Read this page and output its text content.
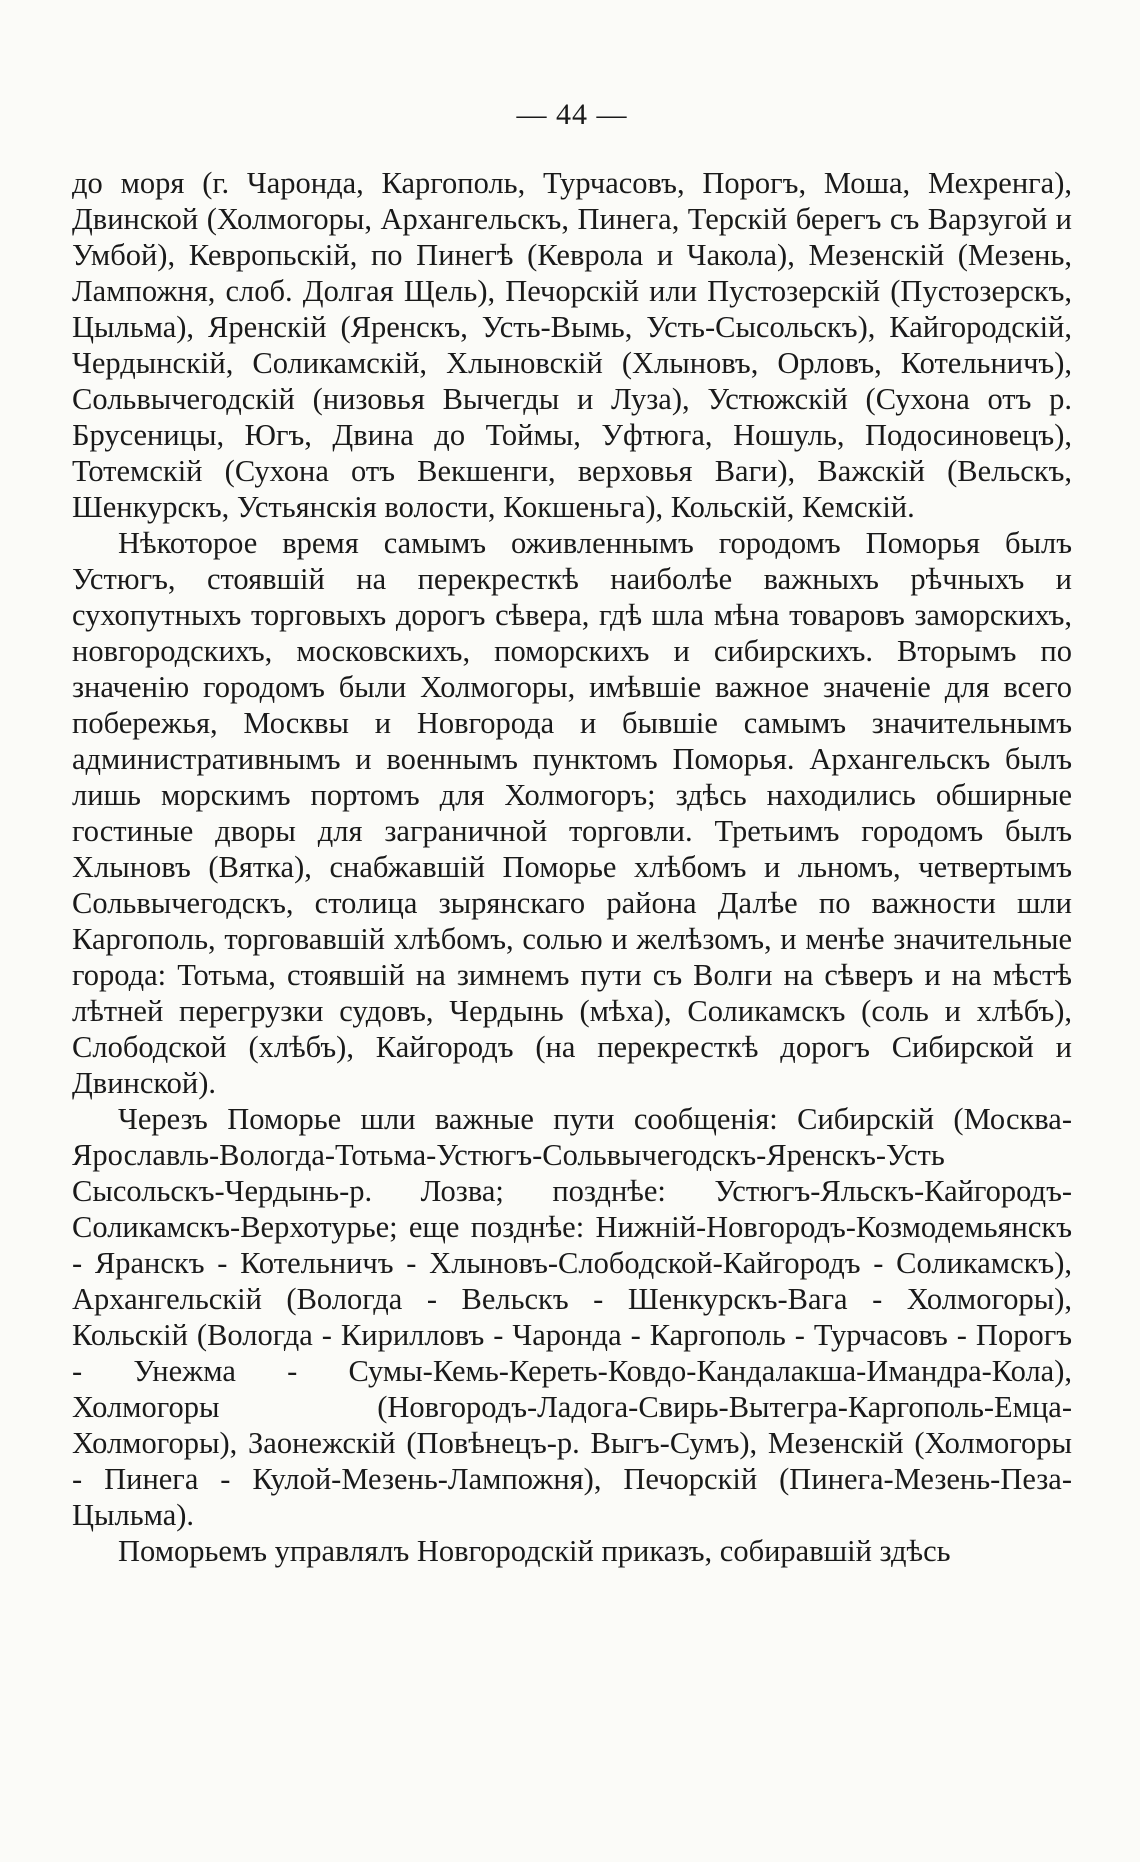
— 44 —

до моря (г. Чаронда, Каргополь, Турчасовъ, Порогъ, Моша, Мехренга), Двинской (Холмогоры, Архангельскъ, Пинега, Терскій берегъ съ Варзугой и Умбой), Кевропьскій, по Пинегѣ (Кеврола и Чакола), Мезенскій (Мезень, Лампожня, слоб. Долгая Щель), Печорскій или Пустозерскій (Пустозерскъ, Цыльма), Яренскій (Яренскъ, Усть-Вымь, Усть-Сысольскъ), Кайгородскій, Чердынскій, Соликамскій, Хлыновскій (Хлыновъ, Орловъ, Котельничъ), Сольвычегодскій (низовья Вычегды и Луза), Устюжскій (Сухона отъ р. Брусеницы, Югъ, Двина до Тоймы, Уфтюга, Ношуль, Подосиновецъ), Тотемскій (Сухона отъ Векшенги, верховья Ваги), Важскій (Вельскъ, Шенкурскъ, Устьянскія волости, Кокшеньга), Кольскій, Кемскій.

Нѣкоторое время самымъ оживленнымъ городомъ Поморья былъ Устюгъ, стоявшій на перекресткѣ наиболѣе важныхъ рѣчныхъ и сухопутныхъ торговыхъ дорогъ сѣвера, гдѣ шла мѣна товаровъ заморскихъ, новгородскихъ, московскихъ, поморскихъ и сибирскихъ. Вторымъ по значенію городомъ были Холмогоры, имѣвшіе важное значеніе для всего побережья, Москвы и Новгорода и бывшіе самымъ значительнымъ административнымъ и военнымъ пунктомъ Поморья. Архангельскъ былъ лишь морскимъ портомъ для Холмогоръ; здѣсь находились обширные гостиные дворы для заграничной торговли. Третьимъ городомъ былъ Хлыновъ (Вятка), снабжавшій Поморье хлѣбомъ и льномъ, четвертымъ Сольвычегодскъ, столица зырянскаго района Далѣе по важности шли Каргополь, торговавшій хлѣбомъ, солью и желѣзомъ, и менѣе значительные города: Тотьма, стоявшій на зимнемъ пути съ Волги на сѣверъ и на мѣстѣ лѣтней перегрузки судовъ, Чердынь (мѣха), Соликамскъ (соль и хлѣбъ), Слободской (хлѣбъ), Кайгородъ (на перекресткѣ дорогъ Сибирской и Двинской).

Черезъ Поморье шли важные пути сообщенія: Сибирскій (Москва-Ярославль-Вологда-Тотьма-Устюгъ-Сольвычегодскъ-Яренскъ-Усть Сысольскъ-Чердынь-р. Лозва; позднѣе: Устюгъ-Яльскъ-Кайгородъ-Соликамскъ-Верхотурье; еще позднѣе: Нижній-Новгородъ-Козмодемьянскъ - Яранскъ - Котельничъ - Хлыновъ-Слободской-Кайгородъ - Соликамскъ), Архангельскій (Вологда - Вельскъ - Шенкурскъ-Вага - Холмогоры), Кольскій (Вологда - Кирилловъ - Чаронда - Каргополь - Турчасовъ - Порогъ - Унежма - Сумы-Кемь-Кереть-Ковдо-Кандалакша-Имандра-Кола), Холмогоры (Новгородъ-Ладога-Свирь-Вытегра-Каргополь-Емца-Холмогоры), Заонежскій (Повѣнецъ-р. Выгъ-Сумъ), Мезенскій (Холмогоры - Пинега - Кулой-Мезень-Лампожня), Печорскій (Пинега-Мезень-Пеза-Цыльма).

Поморьемъ управлялъ Новгородскій приказъ, собиравшій здѣсь
